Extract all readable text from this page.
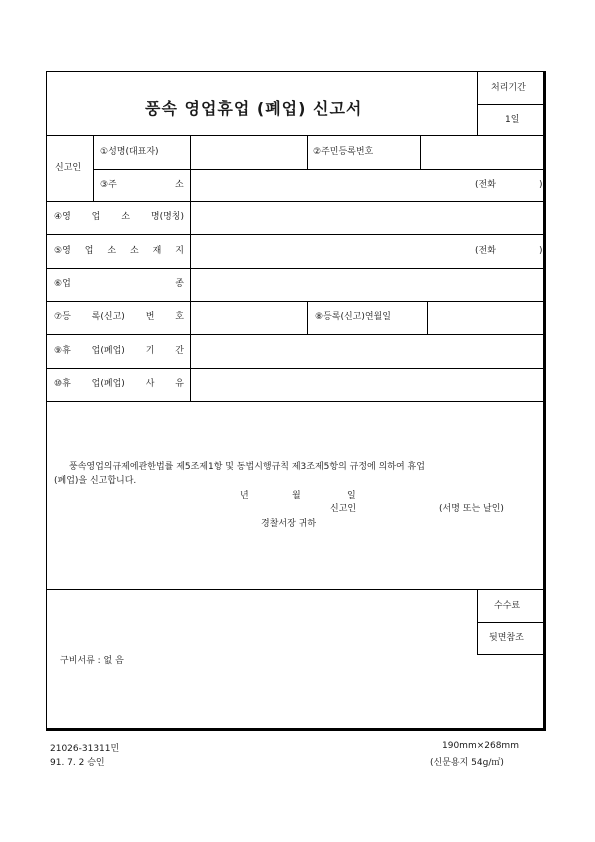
풍속 영업휴업 (폐업) 신고서
처리기간
1일
신고인
①성명(대표자)	②주민등록번호
③주	소	(전화	)
④영 업 소 명(명칭)
⑤영 업 소 소 재 지	(전화	)
⑥업	종
⑦등 록(신고) 번 호	⑧등록(신고)연월일
⑨휴 업(폐업) 기 간
⑩휴 업(폐업) 사 유
풍속영업의규제에관한법률 제5조제1항 및 동법시행규칙 제3조제5항의 규정에 의하여 휴업
(폐업)을 신고합니다.
년	월	일
신고인	(서명 또는 날인)
경찰서장 귀하
수수료
뒷면참조
구비서류 : 없 음
21026-31311민
91. 7. 2 승인
190mm×268mm
(신문용지 54g/㎡)
